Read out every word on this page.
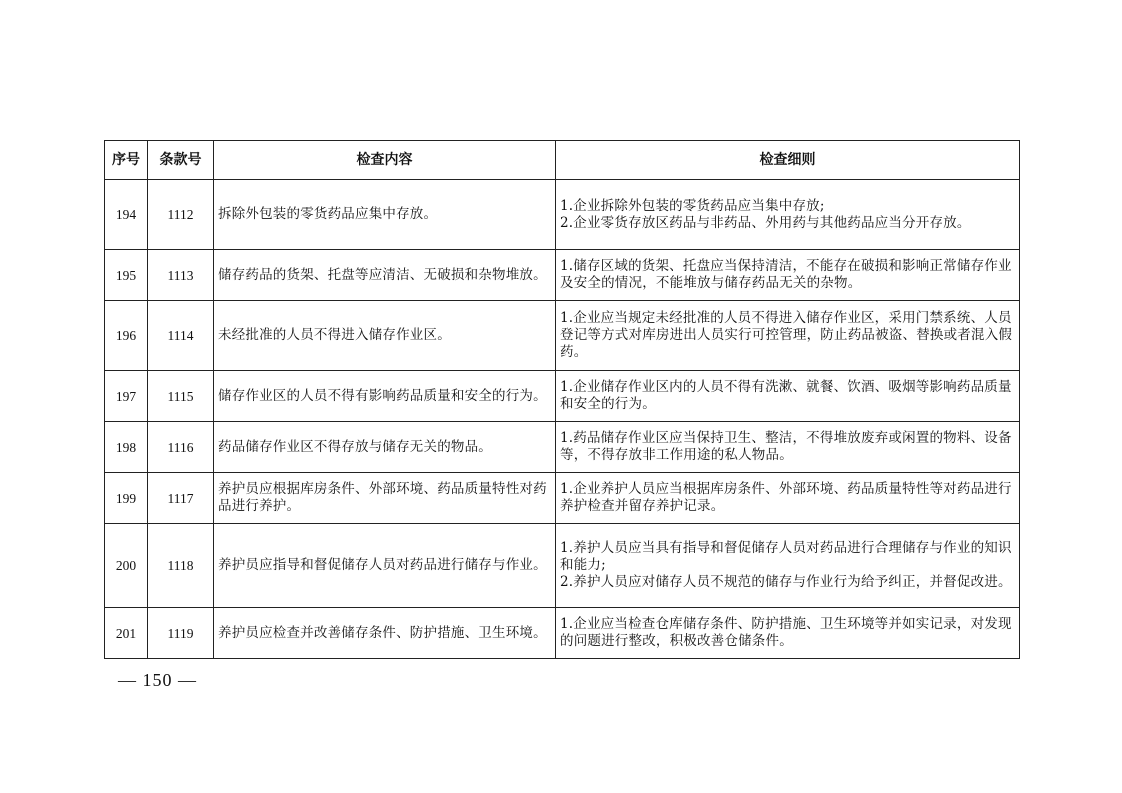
序号	条款号	检查内容	检查细则
194	1112	拆除外包装的零货药品应集中存放。	1.企业拆除外包装的零货药品应当集中存放;
2.企业零货存放区药品与非药品、外用药与其他药品应当分开存放。

195	1113	储存药品的货架、托盘等应清洁、无破损和杂物堆放。	1.储存区域的货架、托盘应当保持清洁，不能存在破损和影响正常储存作业及安全的情况，不能堆放与储存药品无关的杂物。

196	1114	未经批准的人员不得进入储存作业区。	1.企业应当规定未经批准的人员不得进入储存作业区，采用门禁系统、人员登记等方式对库房进出人员实行可控管理，防止药品被盗、替换或者混入假药。

197	1115	储存作业区的人员不得有影响药品质量和安全的行为。	1.企业储存作业区内的人员不得有洗漱、就餐、饮酒、吸烟等影响药品质量和安全的行为。

198	1116	药品储存作业区不得存放与储存无关的物品。	1.药品储存作业区应当保持卫生、整洁，不得堆放废弃或闲置的物料、设备等，不得存放非工作用途的私人物品。

199	1117	养护员应根据库房条件、外部环境、药品质量特性对药品进行养护。	1.企业养护人员应当根据库房条件、外部环境、药品质量特性等对药品进行养护检查并留存养护记录。

200	1118	养护员应指导和督促储存人员对药品进行储存与作业。	1.养护人员应当具有指导和督促储存人员对药品进行合理储存与作业的知识和能力;
2.养护人员应对储存人员不规范的储存与作业行为给予纠正，并督促改进。

201	1119	养护员应检查并改善储存条件、防护措施、卫生环境。	1.企业应当检查仓库储存条件、防护措施、卫生环境等并如实记录，对发现的问题进行整改，积极改善仓储条件。
— 150 —
